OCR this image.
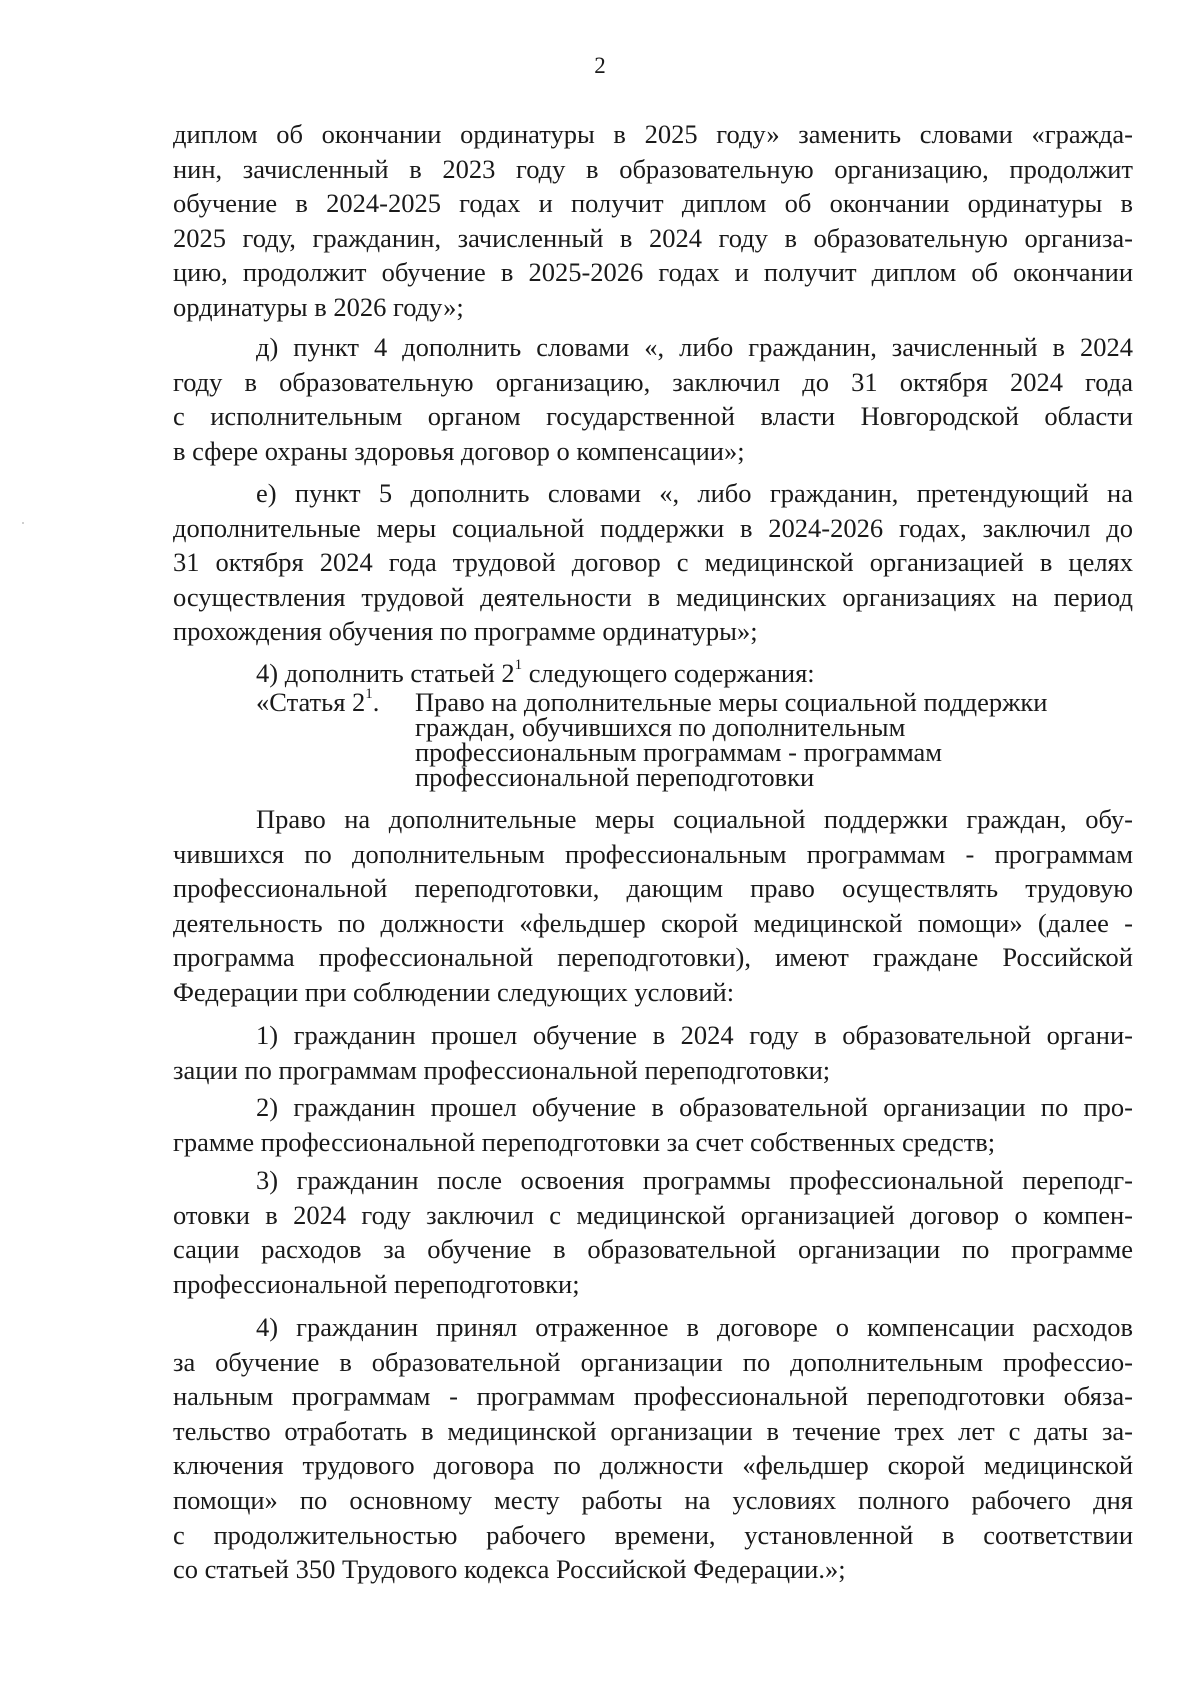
2
диплом об окончании ординатуры в 2025 году» заменить словами «гражда-
нин, зачисленный в 2023 году в образовательную организацию, продолжит
обучение в 2024-2025 годах и получит диплом об окончании ординатуры в
2025 году, гражданин, зачисленный в 2024 году в образовательную организа-
цию, продолжит обучение в 2025-2026 годах и получит диплом об окончании
ординатуры в 2026 году»;
д) пункт 4 дополнить словами «, либо гражданин, зачисленный в 2024
году в образовательную организацию, заключил до 31 октября 2024 года
с исполнительным органом государственной власти Новгородской области
в сфере охраны здоровья договор о компенсации»;
е) пункт 5 дополнить словами «, либо гражданин, претендующий на
дополнительные меры социальной поддержки в 2024-2026 годах, заключил до
31 октября 2024 года трудовой договор с медицинской организацией в целях
осуществления трудовой деятельности в медицинских организациях на период
прохождения обучения по программе ординатуры»;
4) дополнить статьей $2^1$ следующего содержания:
«Статья $2^1$. Право на дополнительные меры социальной поддержки
граждан, обучившихся по дополнительным
профессиональным программам - программам
профессиональной переподготовки
Право на дополнительные меры социальной поддержки граждан, обу-
чившихся по дополнительным профессиональным программам - программам
профессиональной переподготовки, дающим право осуществлять трудовую
деятельность по должности «фельдшер скорой медицинской помощи» (далее -
программа профессиональной переподготовки), имеют граждане Российской
Федерации при соблюдении следующих условий:
1) гражданин прошел обучение в 2024 году в образовательной органи-
зации по программам профессиональной переподготовки;
2) гражданин прошел обучение в образовательной организации по про-
грамме профессиональной переподготовки за счет собственных средств;
3) гражданин после освоения программы профессиональной переподг-
отовки в 2024 году заключил с медицинской организацией договор о компен-
сации расходов за обучение в образовательной организации по программе
профессиональной переподготовки;
4) гражданин принял отраженное в договоре о компенсации расходов
за обучение в образовательной организации по дополнительным профессио-
нальным программам - программам профессиональной переподготовки обяза-
тельство отработать в медицинской организации в течение трех лет с даты за-
ключения трудового договора по должности «фельдшер скорой медицинской
помощи» по основному месту работы на условиях полного рабочего дня
с продолжительностью рабочего времени, установленной в соответствии
со статьей 350 Трудового кодекса Российской Федерации.»;
